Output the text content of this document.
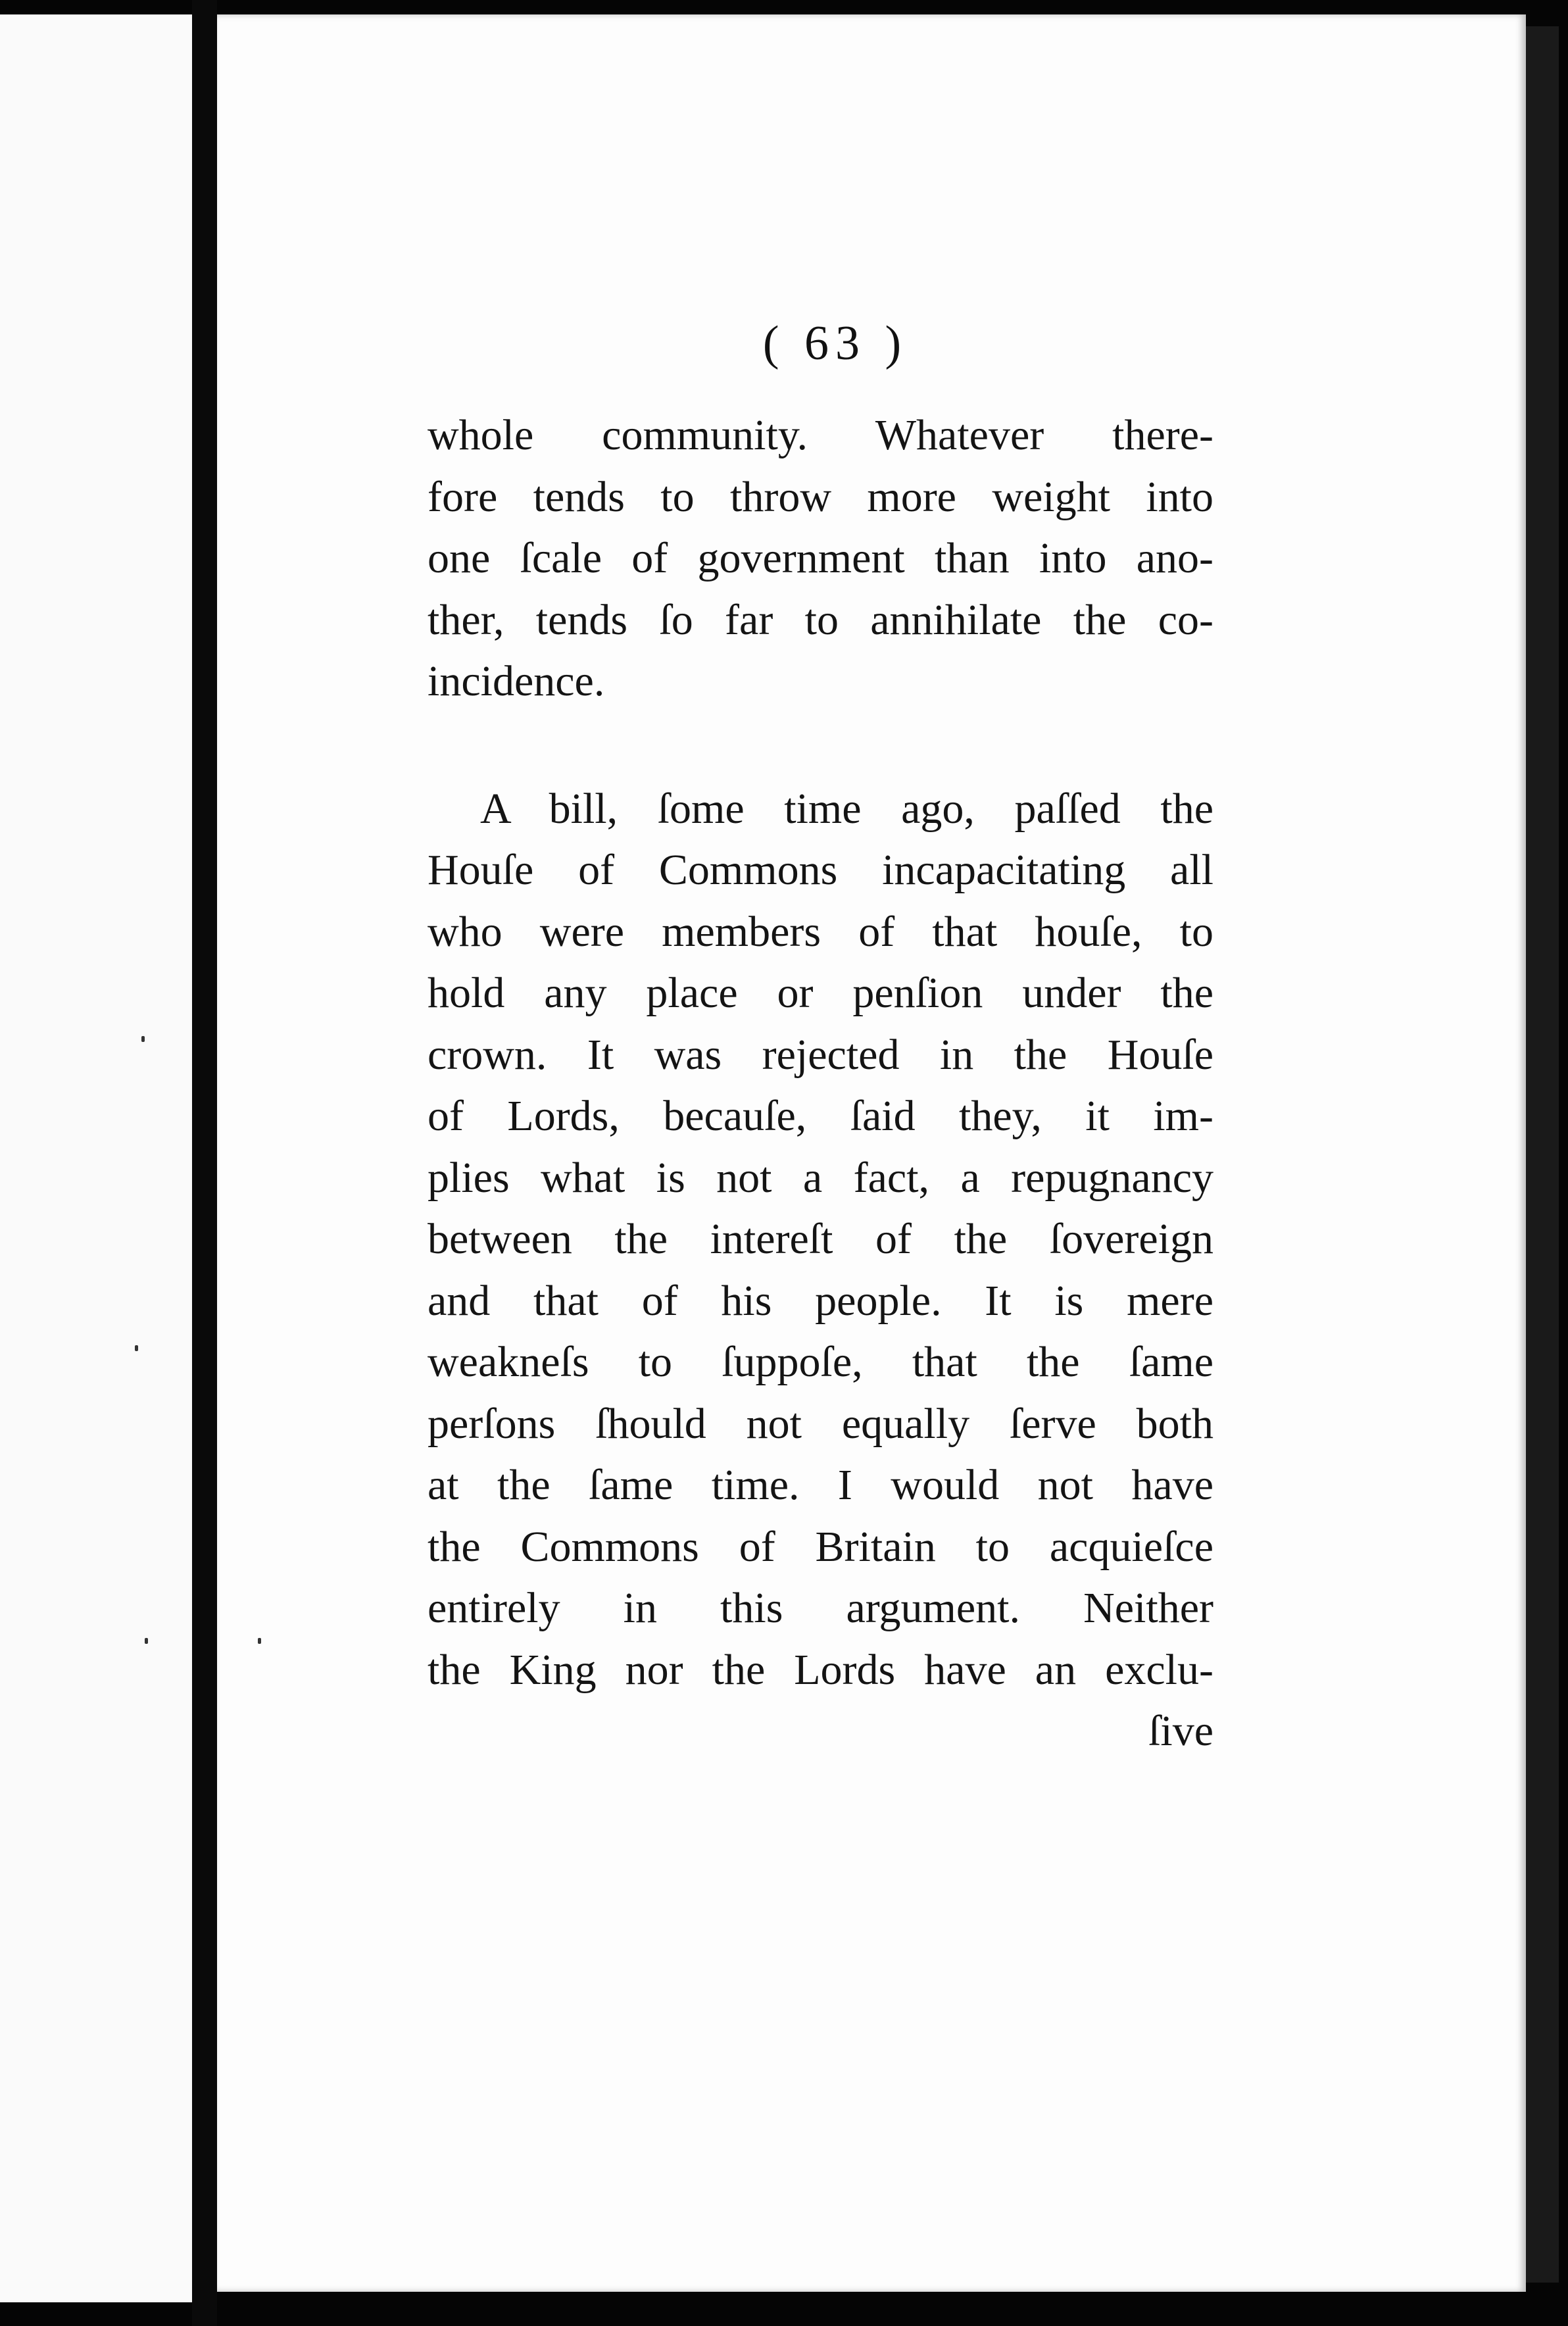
( 63 )
whole community. Whatever there-
fore tends to throw more weight into
one ſcale of government than into ano-
ther, tends ſo far to annihilate the co-
incidence.
A bill, ſome time ago, paſſed the
Houſe of Commons incapacitating all
who were members of that houſe, to
hold any place or penſion under the
crown. It was rejected in the Houſe
of Lords, becauſe, ſaid they, it im-
plies what is not a fact, a repugnancy
between the intereſt of the ſovereign
and that of his people. It is mere
weakneſs to ſuppoſe, that the ſame
perſons ſhould not equally ſerve both
at the ſame time. I would not have
the Commons of Britain to acquieſce
entirely in this argument. Neither
the King nor the Lords have an exclu-
ſive
